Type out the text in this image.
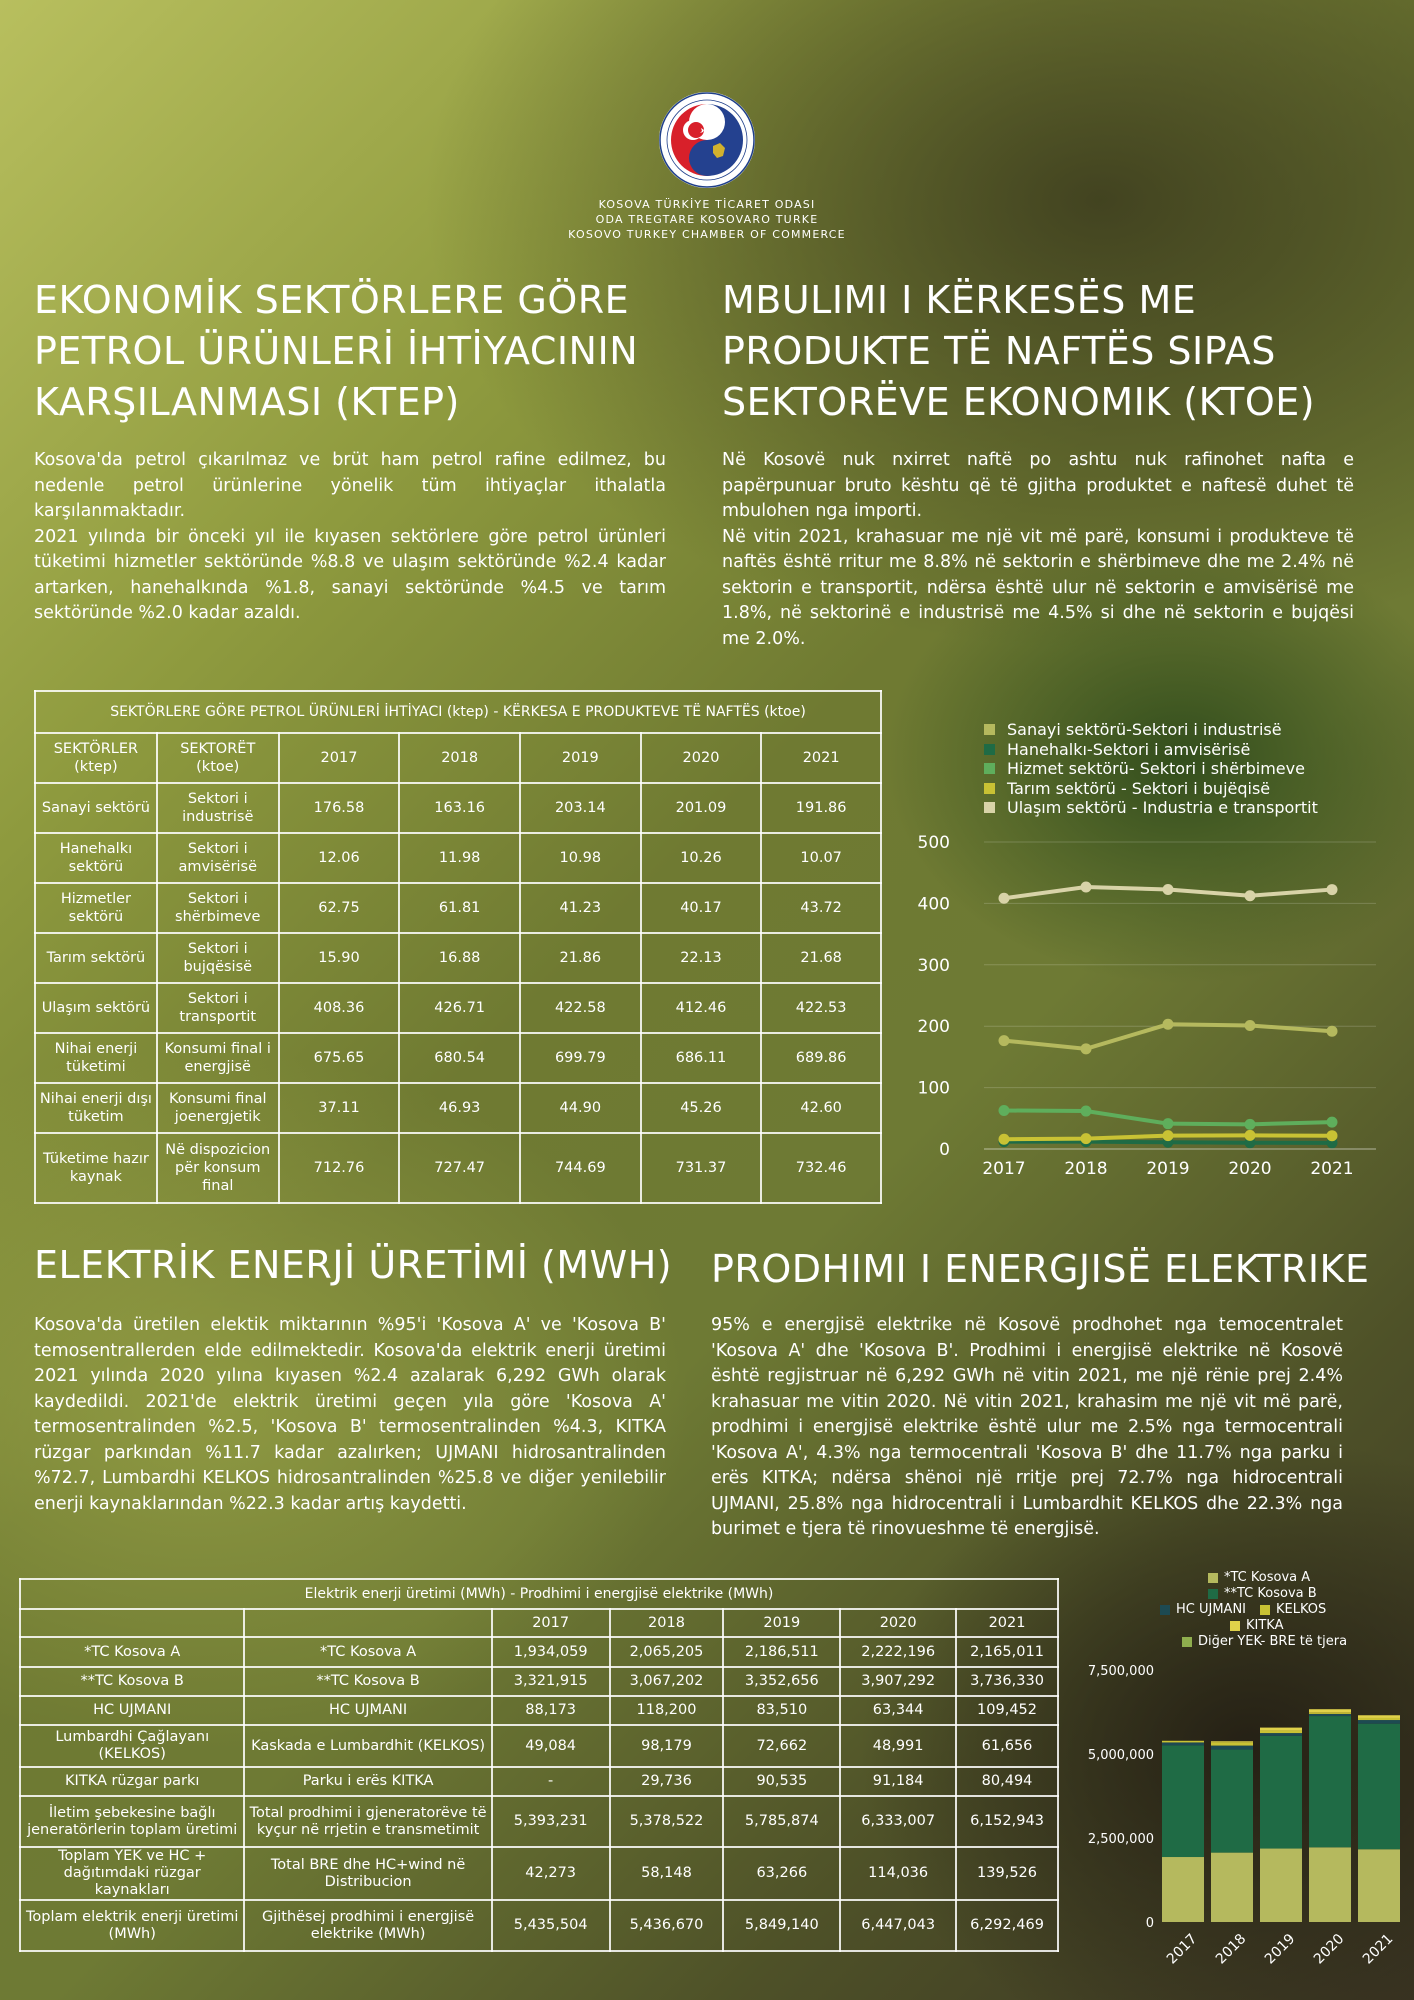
KOSOVA TÜRKİYE TİCARET ODASI
ODA TREGTARE KOSOVARO TURKE
KOSOVO TURKEY CHAMBER OF COMMERCE
EKONOMİK SEKTÖRLERE GÖRE
PETROL ÜRÜNLERİ İHTİYACININ
KARŞILANMASI (KTEP)
MBULIMI I KËRKESËS ME
PRODUKTE TË NAFTËS SIPAS
SEKTORËVE EKONOMIK (KTOE)

Kosova'da petrol çıkarılmaz ve brüt ham petrol rafine edilmez, bu nedenle petrol ürünlerine yönelik tüm ihtiyaçlar ithalatla karşılanmaktadır.

2021 yılında bir önceki yıl ile kıyasen sektörlere göre petrol ürünleri tüketimi hizmetler sektöründe %8.8 ve ulaşım sektöründe %2.4 kadar artarken, hanehalkında %1.8, sanayi sektöründe %4.5 ve tarım sektöründe %2.0 kadar azaldı.

Në Kosovë nuk nxirret naftë po ashtu nuk rafinohet nafta e papërpunuar bruto kështu që të gjitha produktet e naftesë duhet të mbulohen nga importi.

Në vitin 2021, krahasuar me një vit më parë, konsumi i produkteve të naftës është rritur me 8.8% në sektorin e shërbimeve dhe me 2.4% në sektorin e transportit, ndërsa është ulur në sektorin e amvisërisë me 1.8%, në sektorinë e industrisë me 4.5% si dhe në sektorin e bujqësi me 2.0%.

SEKTÖRLERE GÖRE PETROL ÜRÜNLERİ İHTİYACI (ktep) - KËRKESA E PRODUKTEVE TË NAFTËS (ktoe)						
SEKTÖRLER (ktep)	SEKTORËT (ktoe)	2017	2018	2019	2020	2021
Sanayi sektörü	Sektori i industrisë	176.58	163.16	203.14	201.09	191.86
Hanehalkı sektörü	Sektori i amvisërisë	12.06	11.98	10.98	10.26	10.07
Hizmetler sektörü	Sektori i shërbimeve	62.75	61.81	41.23	40.17	43.72
Tarım sektörü	Sektori i bujqësisë	15.90	16.88	21.86	22.13	21.68
Ulaşım sektörü	Sektori i transportit	408.36	426.71	422.58	412.46	422.53
Nihai enerji tüketimi	Konsumi final i energjisë	675.65	680.54	699.79	686.11	689.86
Nihai enerji dışı tüketim	Konsumi final joenergjetik	37.11	46.93	44.90	45.26	42.60
Tüketime hazır kaynak	Në dispozicion për konsum final	712.76	727.47	744.69	731.37	732.46
Sanayi sektörü-Sektori i industrisë
Hanehalkı-Sektori i amvisërisë
Hizmet sektörü- Sektori i shërbimeve
Tarım sektörü - Sektori i bujëqisë
Ulaşım sektörü - Industria e transportit
0
100
200
300
400
500
2017 2018 2019 2020 2021
ELEKTRİK ENERJİ ÜRETİMİ (MWH)	PRODHIMI I ENERGJISË ELEKTRIKE

Kosova'da üretilen elektik miktarının %95'i 'Kosova A' ve 'Kosova B' temosentrallerden elde edilmektedir. Kosova'da elektrik enerji üretimi 2021 yılında 2020 yılına kıyasen %2.4 azalarak 6,292 GWh olarak kaydedildi. 2021'de elektrik üretimi geçen yıla göre 'Kosova A' termosentralinden %2.5, 'Kosova B' termosentralinden %4.3, KITKA rüzgar parkından %11.7 kadar azalırken; UJMANI hidrosantralinden %72.7, Lumbardhi KELKOS hidrosantralinden %25.8 ve diğer yenilebilir enerji kaynaklarından %22.3 kadar artış kaydetti.

95% e energjisë elektrike në Kosovë prodhohet nga temocentralet 'Kosova A' dhe 'Kosova B'. Prodhimi i energjisë elektrike në Kosovë është regjistruar në 6,292 GWh në vitin 2021, me një rënie prej 2.4% krahasuar me vitin 2020. Në vitin 2021, krahasim me një vit më parë, prodhimi i energjisë elektrike është ulur me 2.5% nga termocentrali 'Kosova A', 4.3% nga termocentrali 'Kosova B' dhe 11.7% nga parku i erës KITKA; ndërsa shënoi një rritje prej 72.7% nga hidrocentrali UJMANI, 25.8% nga hidrocentrali i Lumbardhit KELKOS dhe 22.3% nga burimet e tjera të rinovueshme të energjisë.

Elektrik enerji üretimi (MWh) - Prodhimi i energjisë elektrike (MWh)						
		2017	2018	2019	2020	2021
*TC Kosova A	*TC Kosova A	1,934,059	2,065,205	2,186,511	2,222,196	2,165,011
**TC Kosova B	**TC Kosova B	3,321,915	3,067,202	3,352,656	3,907,292	3,736,330
HC UJMANI	HC UJMANI	88,173	118,200	83,510	63,344	109,452
Lumbardhi Çağlayanı (KELKOS)	Kaskada e Lumbardhit (KELKOS)	49,084	98,179	72,662	48,991	61,656
KITKA rüzgar parkı	Parku i erës KITKA	-	29,736	90,535	91,184	80,494
İletim şebekesine bağlı jeneratörlerin toplam üretimi	Total prodhimi i gjeneratorëve të kyçur në rrjetin e transmetimit	5,393,231	5,378,522	5,785,874	6,333,007	6,152,943
Toplam YEK ve HC + dağıtımdaki rüzgar kaynakları	Total BRE dhe HC+wind në Distribucion	42,273	58,148	63,266	114,036	139,526
Toplam elektrik enerji üretimi (MWh)	Gjithësej prodhimi i energjisë elektrike (MWh)	5,435,504	5,436,670	5,849,140	6,447,043	6,292,469
*TC Kosova A
**TC Kosova B
HC UJMANI KELKOS
KITKA
Diğer YEK- BRE të tjera
0
2,500,000
5,000,000
7,500,000
2017 2018 2019 2020 2021
